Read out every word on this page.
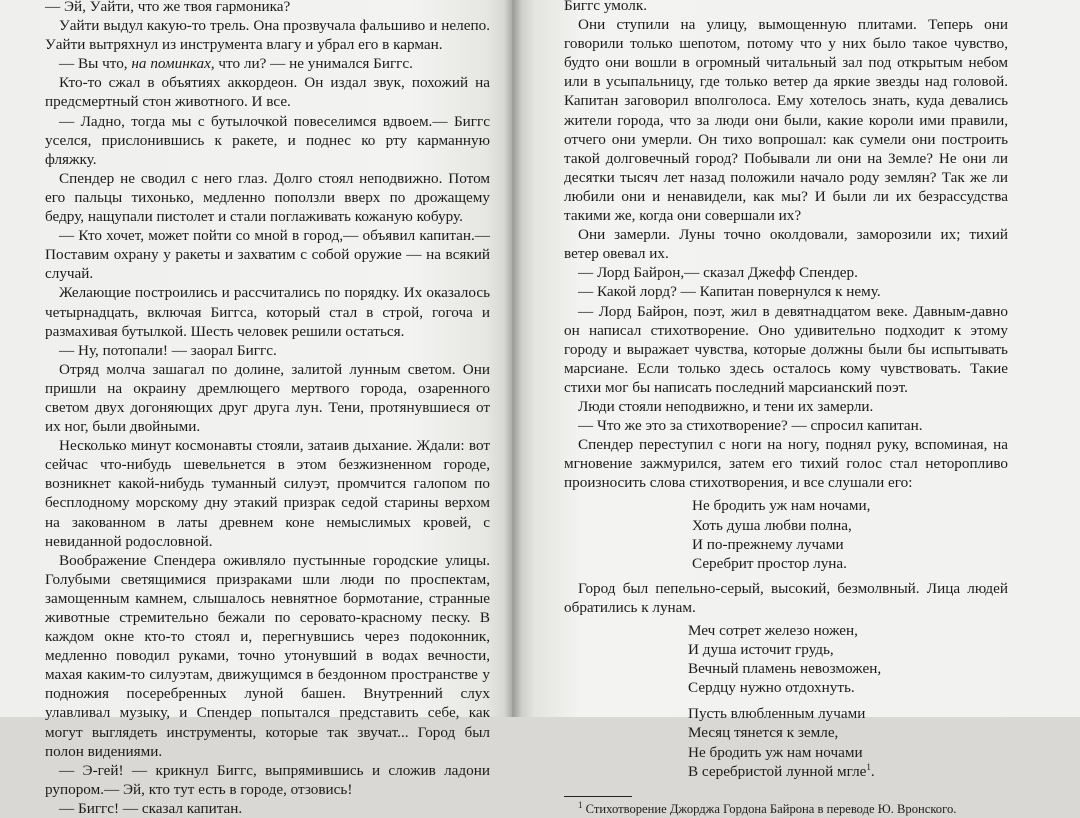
— Эй, Уайти, что же твоя гармоника?

Уайти выдул какую-то трель. Она прозвучала фальшиво и нелепо. Уайти вытряхнул из инструмента влагу и убрал его в карман.

— Вы что, на поминках, что ли? — не унимался Биггс.

Кто-то сжал в объятиях аккордеон. Он издал звук, похожий на предсмертный стон животного. И все.

— Ладно, тогда мы с бутылочкой повеселимся вдвоем.— Биггс уселся, прислонившись к ракете, и поднес ко рту карманную фляжку.

Спендер не сводил с него глаз. Долго стоял неподвижно. Потом его пальцы тихонько, медленно поползли вверх по дрожащему бедру, нащупали пистолет и стали поглаживать кожаную кобуру.

— Кто хочет, может пойти со мной в город,— объявил капитан.— Поставим охрану у ракеты и захватим с собой оружие — на всякий случай.

Желающие построились и рассчитались по порядку. Их оказалось четырнадцать, включая Биггса, который стал в строй, гогоча и размахивая бутылкой. Шесть человек решили остаться.

— Ну, потопали! — заорал Биггс.

Отряд молча зашагал по долине, залитой лунным светом. Они пришли на окраину дремлющего мертвого города, озаренного светом двух догоняющих друг друга лун. Тени, протянувшиеся от их ног, были двойными.

Несколько минут космонавты стояли, затаив дыхание. Ждали: вот сейчас что-нибудь шевельнется в этом безжизненном городе, возникнет какой-нибудь туманный силуэт, промчится галопом по бесплодному морскому дну этакий призрак седой старины верхом на закованном в латы древнем коне немыслимых кровей, с невиданной родословной.

Воображение Спендера оживляло пустынные городские улицы. Голубыми светящимися призраками шли люди по проспектам, замощенным камнем, слышалось невнятное бормотание, странные животные стремительно бежали по серовато-красному песку. В каждом окне кто-то стоял и, перегнувшись через подоконник, медленно поводил руками, точно утонувший в водах вечности, махая каким-то силуэтам, движущимся в бездонном пространстве у подножия посеребренных луной башен. Внутренний слух улавливал музыку, и Спендер попытался представить себе, как могут выглядеть инструменты, которые так звучат... Город был полон видениями.

— Э-гей! — крикнул Биггс, выпрямившись и сложив ладони рупором.— Эй, кто тут есть в городе, отзовись!

— Биггс! — сказал капитан.

Биггс умолк.

Они ступили на улицу, вымощенную плитами. Теперь они говорили только шепотом, потому что у них было такое чувство, будто они вошли в огромный читальный зал под открытым небом или в усыпальницу, где только ветер да яркие звезды над головой. Капитан заговорил вполголоса. Ему хотелось знать, куда девались жители города, что за люди они были, какие короли ими правили, отчего они умерли. Он тихо вопрошал: как сумели они построить такой долговечный город? Побывали ли они на Земле? Не они ли десятки тысяч лет назад положили начало роду землян? Так же ли любили они и ненавидели, как мы? И были ли их безрассудства такими же, когда они совершали их?

Они замерли. Луны точно околдовали, заморозили их; тихий ветер овевал их.

— Лорд Байрон,— сказал Джефф Спендер.

— Какой лорд? — Капитан повернулся к нему.

— Лорд Байрон, поэт, жил в девятнадцатом веке. Давным-давно он написал стихотворение. Оно удивительно подходит к этому городу и выражает чувства, которые должны были бы испытывать марсиане. Если только здесь осталось кому чувствовать. Такие стихи мог бы написать последний марсианский поэт.

Люди стояли неподвижно, и тени их замерли.

— Что же это за стихотворение? — спросил капитан.

Спендер переступил с ноги на ногу, поднял руку, вспоминая, на мгновение зажмурился, затем его тихий голос стал неторопливо произносить слова стихотворения, и все слушали его:

Не бродить уж нам ночами,
Хоть душа любви полна,
И по-прежнему лучами
Серебрит простор луна.

Город был пепельно-серый, высокий, безмолвный. Лица людей обратились к лунам.

Меч сотрет железо ножен,
И душа источит грудь,
Вечный пламень невозможен,
Сердцу нужно отдохнуть.
Пусть влюбленным лучами
Месяц тянется к земле,
Не бродить уж нам ночами
В серебристой лунной мгле$^1$.
$^1$ Стихотворение Джорджа Гордона Байрона в переводе Ю. Вронского.
